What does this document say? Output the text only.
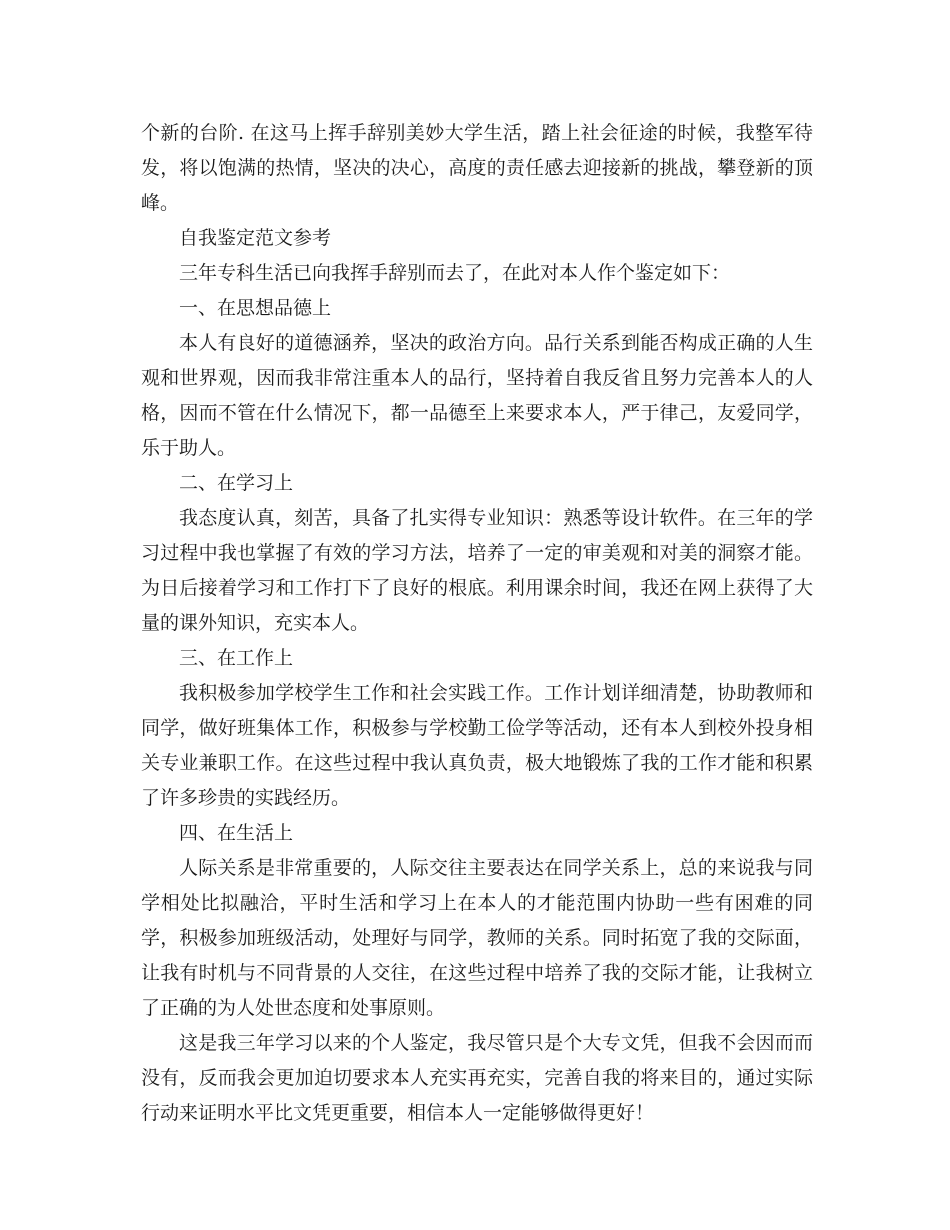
个新的台阶. 在这马上挥手辞别美妙大学生活，踏上社会征途的时候，我整军待发，将以饱满的热情，坚决的决心，高度的责任感去迎接新的挑战，攀登新的顶峰。

自我鉴定范文参考

三年专科生活已向我挥手辞别而去了，在此对本人作个鉴定如下：

一、在思想品德上

本人有良好的道德涵养，坚决的政治方向。品行关系到能否构成正确的人生观和世界观，因而我非常注重本人的品行，坚持着自我反省且努力完善本人的人格，因而不管在什么情况下，都一品德至上来要求本人，严于律己，友爱同学，乐于助人。

二、在学习上

我态度认真，刻苦，具备了扎实得专业知识：熟悉等设计软件。在三年的学习过程中我也掌握了有效的学习方法，培养了一定的审美观和对美的洞察才能。为日后接着学习和工作打下了良好的根底。利用课余时间，我还在网上获得了大量的课外知识，充实本人。

三、在工作上

我积极参加学校学生工作和社会实践工作。工作计划详细清楚，协助教师和同学，做好班集体工作，积极参与学校勤工俭学等活动，还有本人到校外投身相关专业兼职工作。在这些过程中我认真负责，极大地锻炼了我的工作才能和积累了许多珍贵的实践经历。

四、在生活上

人际关系是非常重要的，人际交往主要表达在同学关系上，总的来说我与同学相处比拟融洽，平时生活和学习上在本人的才能范围内协助一些有困难的同学，积极参加班级活动，处理好与同学，教师的关系。同时拓宽了我的交际面，让我有时机与不同背景的人交往，在这些过程中培养了我的交际才能，让我树立了正确的为人处世态度和处事原则。

这是我三年学习以来的个人鉴定，我尽管只是个大专文凭，但我不会因而而没有，反而我会更加迫切要求本人充实再充实，完善自我的将来目的，通过实际行动来证明水平比文凭更重要，相信本人一定能够做得更好！
